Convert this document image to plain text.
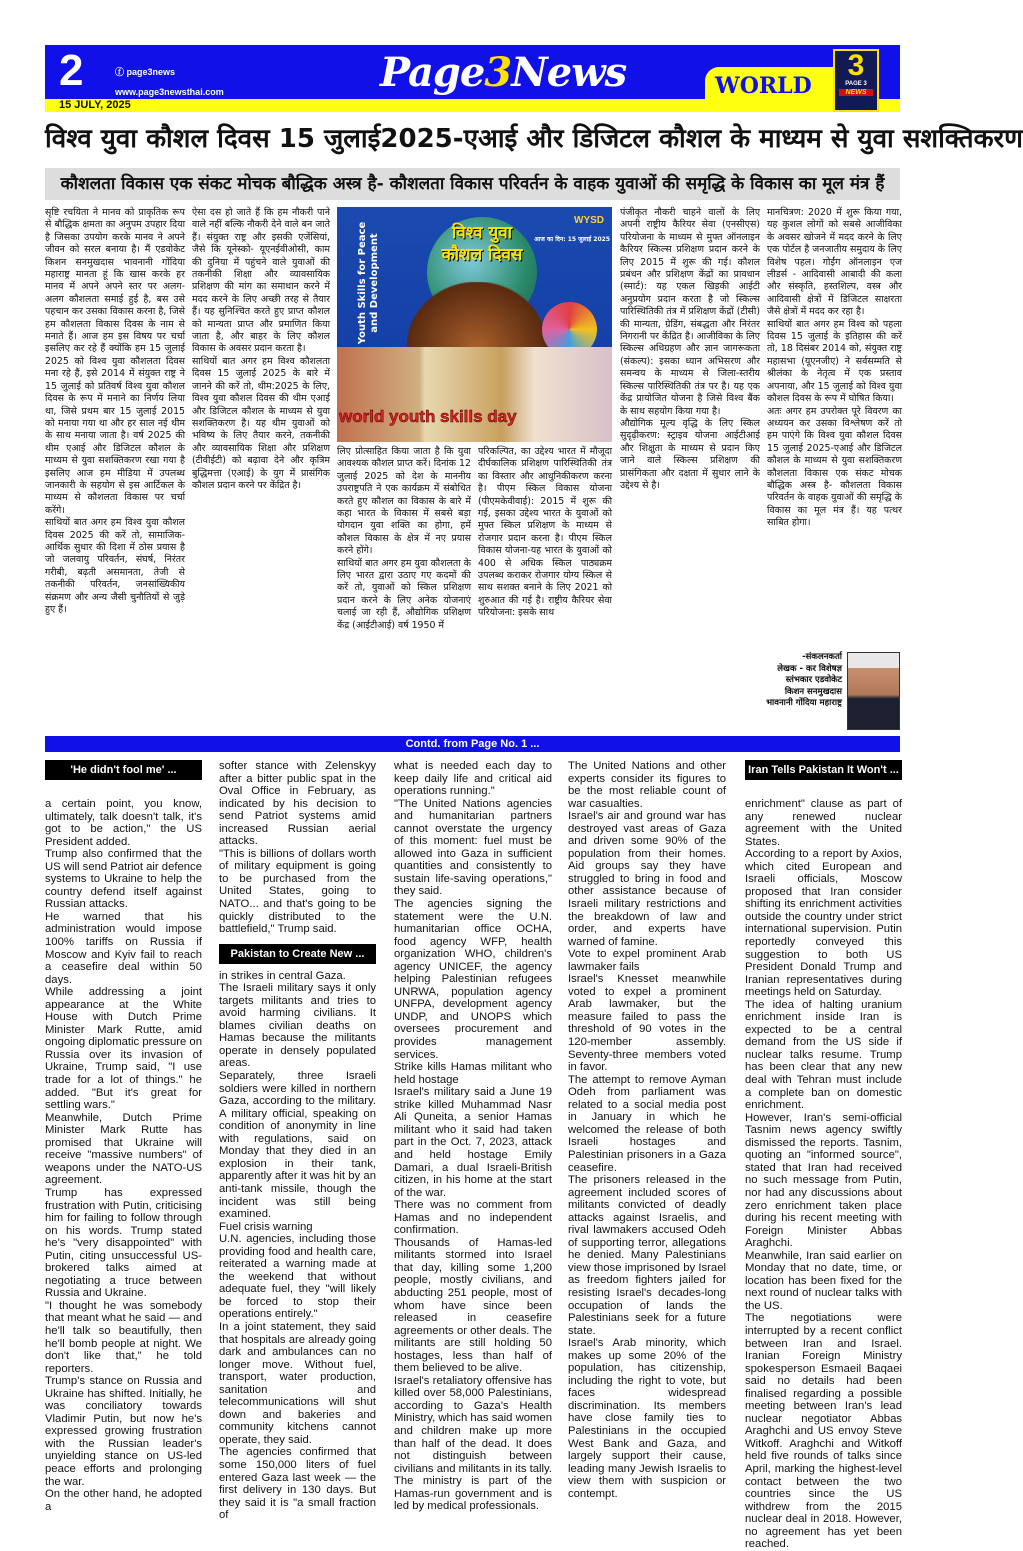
2	ⓕ page3news
www.page3newsthai.com
15 JULY, 2025
Page3News	WORLD
3
PAGE 3
NEWS
विश्व युवा कौशल दिवस 15 जुलाई2025-एआई और डिजिटल कौशल के माध्यम से युवा सशक्तिकरण
कौशलता विकास एक संकट मोचक बौद्धिक अस्त्र है- कौशलता विकास परिवर्तन के वाहक युवाओं की समृद्धि के विकास का मूल मंत्र हैं

सृष्टि रचयिता ने मानव को प्राकृतिक रूप से बौद्धिक क्षमता का अनुपम उपहार दिया है जिसका उपयोग करके मानव ने अपने जीवन को सरल बनाया है। मैं एडवोकेट किशन सनमुखदास भावनानी गोंदिया महाराष्ट्र मानता हूं कि खास करके हर मानव में अपने अपने स्तर पर अलग-अलग कौशलता समाई हुई है, बस उसे पहचान कर उसका विकास करना है, जिसे हम कौशलता विकास दिवस के नाम से मनाते हैं। आज हम इस विषय पर चर्चा इसलिए कर रहे हैं क्योंकि हम 15 जुलाई 2025 को विश्व युवा कौशलता दिवस मना रहे हैं, इसे 2014 में संयुक्त राष्ट्र ने 15 जुलाई को प्रतिवर्ष विश्व युवा कौशल दिवस के रूप में मनाने का निर्णय लिया था, जिसे प्रथम बार 15 जुलाई 2015 को मनाया गया था और हर साल नई थीम के साथ मनाया जाता है। वर्ष 2025 की थीम एआई और डिजिटल कौशल के माध्यम से युवा सशक्तिकरण रखा गया है इसलिए आज हम मीडिया में उपलब्ध जानकारी के सहयोग से इस आर्टिकल के माध्यम से कौशलता विकास पर चर्चा करेंगे।

साथियों बात अगर हम विश्व युवा कौशल दिवस 2025 की करें तो, सामाजिक-आर्थिक सुधार की दिशा में ठोस प्रयास है जो जलवायु परिवर्तन, संघर्ष, निरंतर गरीबी, बढ़ती असमानता, तेजी से तकनीकी परिवर्तन, जनसांख्यिकीय संक्रमण और अन्य जैसी चुनौतियों से जुड़े हुए हैं।

ऐसा दस हो जाते हैं कि हम नौकरी पाने वाले नहीं बल्कि नौकरी देने वाले बन जाते हैं। संयुक्त राष्ट्र और इसकी एजेंसियां, जैसे कि यूनेस्को- यूएनईवीओसी, काम की दुनिया में पहुंचने वाले युवाओं की तकनीकी शिक्षा और व्यावसायिक प्रशिक्षण की मांग का समाधान करने में मदद करने के लिए अच्छी तरह से तैयार हैं। यह सुनिश्चित करते हुए प्राप्त कौशल को मान्यता प्राप्त और प्रमाणित किया जाता है, और बाहर के लिए कौशल विकास के अवसर प्रदान करता है।

साथियों बात अगर हम विश्व कौशलता दिवस 15 जुलाई 2025 के बारे में जानने की करें तो, थीम:2025 के लिए, विश्व युवा कौशल दिवस की थीम एआई और डिजिटल कौशल के माध्यम से युवा सशक्तिकरण है। यह थीम युवाओं को भविष्य के लिए तैयार करने, तकनीकी और व्यावसायिक शिक्षा और प्रशिक्षण (टीवीईटी) को बढ़ावा देने और कृत्रिम बुद्धिमत्ता (एआई) के युग में प्रासंगिक कौशल प्रदान करने पर केंद्रित है।

लिए प्रोत्साहित किया जाता है कि युवा आवश्यक कौशल प्राप्त करें। दिनांक 12 जुलाई 2025 को देश के माननीय उपराष्ट्रपति ने एक कार्यक्रम में संबोधित करते हुए कौशल का विकास के बारे में कहा भारत के विकास में सबसे बड़ा योगदान युवा शक्ति का होगा, हमें कौशल विकास के क्षेत्र में नए प्रयास करने होंगे।

साथियों बात अगर हम युवा कौशलता के लिए भारत द्वारा उठाए गए कदमों की करें तो, युवाओं को स्किल प्रशिक्षण प्रदान करने के लिए अनेक योजनाएं चलाई जा रही हैं, औद्योगिक प्रशिक्षण केंद्र (आईटीआई) वर्ष 1950 में

परिकल्पित, का उद्देश्य भारत में मौजूदा दीर्घकालिक प्रशिक्षण पारिस्थितिकी तंत्र का विस्तार और आधुनिकीकरण करना है। पीएम स्किल विकास योजना (पीएमकेवीवाई): 2015 में शुरू की गई, इसका उद्देश्य भारत के युवाओं को मुफ्त स्किल प्रशिक्षण के माध्यम से रोजगार प्रदान करना है। पीएम स्किल विकास योजना-यह भारत के युवाओं को 400 से अधिक स्किल पाठ्यक्रम उपलब्ध कराकर रोजगार योग्य स्किल से साथ सशक्त बनाने के लिए 2021 को शुरुआत की गई है। राष्ट्रीय कैरियर सेवा परियोजना: इसके साथ

पंजीकृत नौकरी चाहने वालों के लिए अपनी राष्ट्रीय कैरियर सेवा (एनसीएस) परियोजना के माध्यम से मुफ्त ऑनलाइन कैरियर स्किल्स प्रशिक्षण प्रदान करने के लिए 2015 में शुरू की गई। कौशल प्रबंधन और प्रशिक्षण केंद्रों का प्रावधान (स्मार्ट): यह एकल खिड़की आईटी अनुप्रयोग प्रदान करता है जो स्किल्स पारिस्थितिकी तंत्र में प्रशिक्षण केंद्रों (टीसी) की मान्यता, ग्रेडिंग, संबद्धता और निरंतर निगरानी पर केंद्रित है। आजीविका के लिए स्किल्स अधिग्रहण और ज्ञान जागरूकता (संकल्प): इसका ध्यान अभिसरण और समन्वय के माध्यम से जिला-स्तरीय स्किल्स पारिस्थितिकी तंत्र पर है। यह एक केंद्र प्रायोजित योजना है जिसे विश्व बैंक के साथ सहयोग किया गया है।

औद्योगिक मूल्य वृद्धि के लिए स्किल सुदृढ़ीकरण: स्ट्राइव योजना आईटीआई और शिक्षुता के माध्यम से प्रदान किए जाने वाले स्किल्स प्रशिक्षण की प्रासंगिकता और दक्षता में सुधार लाने के उद्देश्य से है।

मानचित्रण: 2020 में शुरू किया गया, यह कुशल लोगों को सबसे आजीविका के अवसर खोजने में मदद करने के लिए एक पोर्टल है जनजातीय समुदाय के लिए विशेष पहल। गोईंग ऑनलाइन एज लीडर्स - आदिवासी आबादी की कला और संस्कृति, हस्तशिल्प, वस्त्र और आदिवासी क्षेत्रों में डिजिटल साक्षरता जैसे क्षेत्रों में मदद कर रहा है।

साथियों बात अगर हम विश्व को पहला दिवस 15 जुलाई के इतिहास की करें तो, 18 दिसंबर 2014 को, संयुक्त राष्ट्र महासभा (यूएनजीए) ने सर्वसम्मति से श्रीलंका के नेतृत्व में एक प्रस्ताव अपनाया, और 15 जुलाई को विश्व युवा कौशल दिवस के रूप में घोषित किया।

अतः अगर हम उपरोक्त पूरे विवरण का अध्ययन कर उसका विश्लेषण करें तो हम पाएंगे कि विश्व युवा कौशल दिवस 15 जुलाई 2025-एआई और डिजिटल कौशल के माध्यम से युवा सशक्तिकरण कौशलता विकास एक संकट मोचक बौद्धिक अस्त्र है- कौशलता विकास परिवर्तन के वाहक युवाओं की समृद्धि के विकास का मूल मंत्र हैं। यह पत्थर साबित होगा।

विश्व युवा कौशल दिवस
Youth Skills for Peace and Development
WYSD
आज का दिन: 15 जुलाई 2025
world youth skills day
-संकलनकर्ता
लेखक - कर विशेषज्ञ स्तंभकार एडवोकेट
किशन सनमुखदास भावनानी गोंदिया महाराष्ट्र
Contd. from Page No. 1 ...
'He didn't fool me' ...

a certain point, you know, ultimately, talk doesn't talk, it's got to be action," the US President added.

Trump also confirmed that the US will send Patriot air defence systems to Ukraine to help the country defend itself against Russian attacks.

He warned that his administration would impose 100% tariffs on Russia if Moscow and Kyiv fail to reach a ceasefire deal within 50 days.

While addressing a joint appearance at the White House with Dutch Prime Minister Mark Rutte, amid ongoing diplomatic pressure on Russia over its invasion of Ukraine, Trump said, "I use trade for a lot of things." he added. "But it's great for settling wars."

Meanwhile, Dutch Prime Minister Mark Rutte has promised that Ukraine will receive "massive numbers" of weapons under the NATO-US agreement.

Trump has expressed frustration with Putin, criticising him for failing to follow through on his words. Trump stated he's "very disappointed" with Putin, citing unsuccessful US-brokered talks aimed at negotiating a truce between Russia and Ukraine.

"I thought he was somebody that meant what he said — and he'll talk so beautifully, then he'll bomb people at night. We don't like that," he told reporters.

Trump's stance on Russia and Ukraine has shifted. Initially, he was conciliatory towards Vladimir Putin, but now he's expressed growing frustration with the Russian leader's unyielding stance on US-led peace efforts and prolonging the war.

On the other hand, he adopted a

softer stance with Zelenskyy after a bitter public spat in the Oval Office in February, as indicated by his decision to send Patriot systems amid increased Russian aerial attacks.

"This is billions of dollars worth of military equipment is going to be purchased from the United States, going to NATO... and that's going to be quickly distributed to the battlefield," Trump said.

Pakistan to Create New ...

in strikes in central Gaza.

The Israeli military says it only targets militants and tries to avoid harming civilians. It blames civilian deaths on Hamas because the militants operate in densely populated areas.

Separately, three Israeli soldiers were killed in northern Gaza, according to the military. A military official, speaking on condition of anonymity in line with regulations, said on Monday that they died in an explosion in their tank, apparently after it was hit by an anti-tank missile, though the incident was still being examined.

Fuel crisis warning

U.N. agencies, including those providing food and health care, reiterated a warning made at the weekend that without adequate fuel, they "will likely be forced to stop their operations entirely."

In a joint statement, they said that hospitals are already going dark and ambulances can no longer move. Without fuel, transport, water production, sanitation and telecommunications will shut down and bakeries and community kitchens cannot operate, they said.

The agencies confirmed that some 150,000 liters of fuel entered Gaza last week — the first delivery in 130 days. But they said it is "a small fraction of

what is needed each day to keep daily life and critical aid operations running."

"The United Nations agencies and humanitarian partners cannot overstate the urgency of this moment: fuel must be allowed into Gaza in sufficient quantities and consistently to sustain life-saving operations," they said.

The agencies signing the statement were the U.N. humanitarian office OCHA, food agency WFP, health organization WHO, children's agency UNICEF, the agency helping Palestinian refugees UNRWA, population agency UNFPA, development agency UNDP, and UNOPS which oversees procurement and provides management services.

Strike kills Hamas militant who held hostage

Israel's military said a June 19 strike killed Muhammad Nasr Ali Quneita, a senior Hamas militant who it said had taken part in the Oct. 7, 2023, attack and held hostage Emily Damari, a dual Israeli-British citizen, in his home at the start of the war.

There was no comment from Hamas and no independent confirmation.

Thousands of Hamas-led militants stormed into Israel that day, killing some 1,200 people, mostly civilians, and abducting 251 people, most of whom have since been released in ceasefire agreements or other deals. The militants are still holding 50 hostages, less than half of them believed to be alive.

Israel's retaliatory offensive has killed over 58,000 Palestinians, according to Gaza's Health Ministry, which has said women and children make up more than half of the dead. It does not distinguish between civilians and militants in its tally.

The ministry is part of the Hamas-run government and is led by medical professionals.

The United Nations and other experts consider its figures to be the most reliable count of war casualties.

Israel's air and ground war has destroyed vast areas of Gaza and driven some 90% of the population from their homes. Aid groups say they have struggled to bring in food and other assistance because of Israeli military restrictions and the breakdown of law and order, and experts have warned of famine.

Vote to expel prominent Arab lawmaker fails

Israel's Knesset meanwhile voted to expel a prominent Arab lawmaker, but the measure failed to pass the threshold of 90 votes in the 120-member assembly. Seventy-three members voted in favor.

The attempt to remove Ayman Odeh from parliament was related to a social media post in January in which he welcomed the release of both Israeli hostages and Palestinian prisoners in a Gaza ceasefire.

The prisoners released in the agreement included scores of militants convicted of deadly attacks against Israelis, and rival lawmakers accused Odeh of supporting terror, allegations he denied. Many Palestinians view those imprisoned by Israel as freedom fighters jailed for resisting Israel's decades-long occupation of lands the Palestinians seek for a future state.

Israel's Arab minority, which makes up some 20% of the population, has citizenship, including the right to vote, but faces widespread discrimination. Its members have close family ties to Palestinians in the occupied West Bank and Gaza, and largely support their cause, leading many Jewish Israelis to view them with suspicion or contempt.

Iran Tells Pakistan It Won't ...

enrichment" clause as part of any renewed nuclear agreement with the United States.

According to a report by Axios, which cited European and Israeli officials, Moscow proposed that Iran consider shifting its enrichment activities outside the country under strict international supervision. Putin reportedly conveyed this suggestion to both US President Donald Trump and Iranian representatives during meetings held on Saturday.

The idea of halting uranium enrichment inside Iran is expected to be a central demand from the US side if nuclear talks resume. Trump has been clear that any new deal with Tehran must include a complete ban on domestic enrichment.

However, Iran's semi-official Tasnim news agency swiftly dismissed the reports. Tasnim, quoting an "informed source", stated that Iran had received no such message from Putin, nor had any discussions about zero enrichment taken place during his recent meeting with Foreign Minister Abbas Araghchi.

Meanwhile, Iran said earlier on Monday that no date, time, or location has been fixed for the next round of nuclear talks with the US.

The negotiations were interrupted by a recent conflict between Iran and Israel. Iranian Foreign Ministry spokesperson Esmaeil Baqaei said no details had been finalised regarding a possible meeting between Iran's lead nuclear negotiator Abbas Araghchi and US envoy Steve Witkoff. Araghchi and Witkoff held five rounds of talks since April, marking the highest-level contact between the two countries since the US withdrew from the 2015 nuclear deal in 2018. However, no agreement has yet been reached.
